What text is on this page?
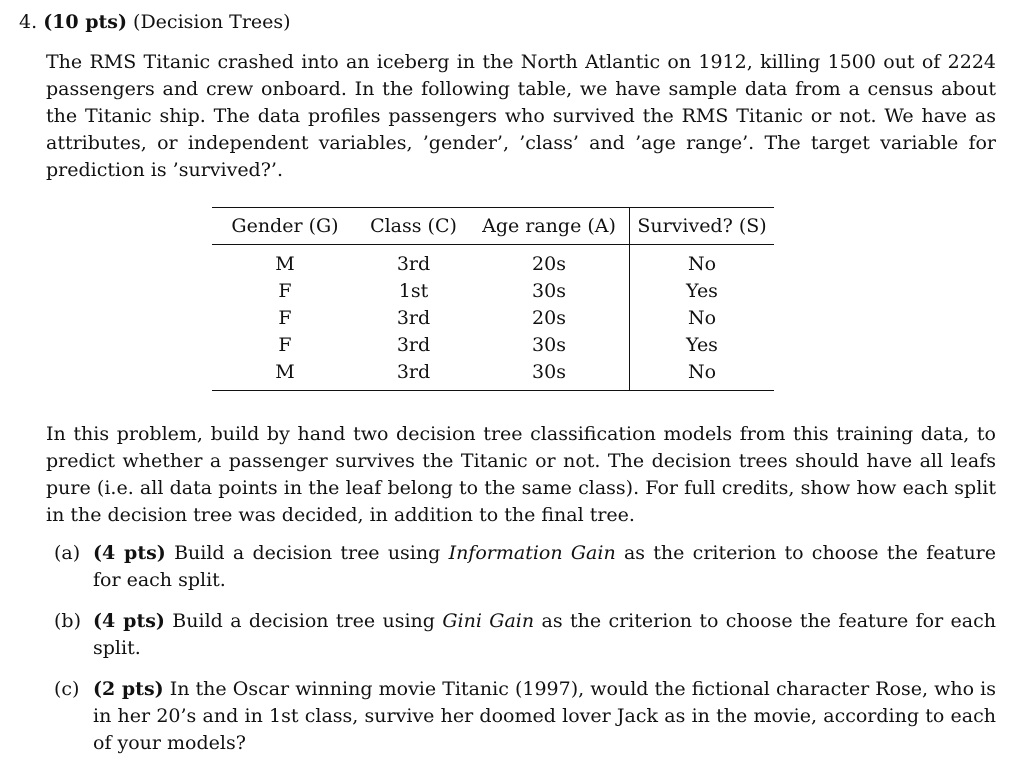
4. (10 pts) (Decision Trees)

The RMS Titanic crashed into an iceberg in the North Atlantic on 1912, killing 1500 out of 2224 passengers and crew onboard. In the following table, we have sample data from a census about the Titanic ship. The data profiles passengers who survived the RMS Titanic or not. We have as attributes, or independent variables, ’gender’, ’class’ and ’age range’. The target variable for prediction is ’survived?’.

Gender (G)	Class (C)	Age range (A)	Survived? (S)
M	3rd	20s	No
F	1st	30s	Yes
F	3rd	20s	No
F	3rd	30s	Yes
M	3rd	30s	No

In this problem, build by hand two decision tree classification models from this training data, to predict whether a passenger survives the Titanic or not. The decision trees should have all leafs pure (i.e. all data points in the leaf belong to the same class). For full credits, show how each split in the decision tree was decided, in addition to the final tree.

(a) (4 pts) Build a decision tree using Information Gain as the criterion to choose the feature for each split.
(b) (4 pts) Build a decision tree using Gini Gain as the criterion to choose the feature for each split.
(c) (2 pts) In the Oscar winning movie Titanic (1997), would the fictional character Rose, who is in her 20’s and in 1st class, survive her doomed lover Jack as in the movie, according to each of your models?
